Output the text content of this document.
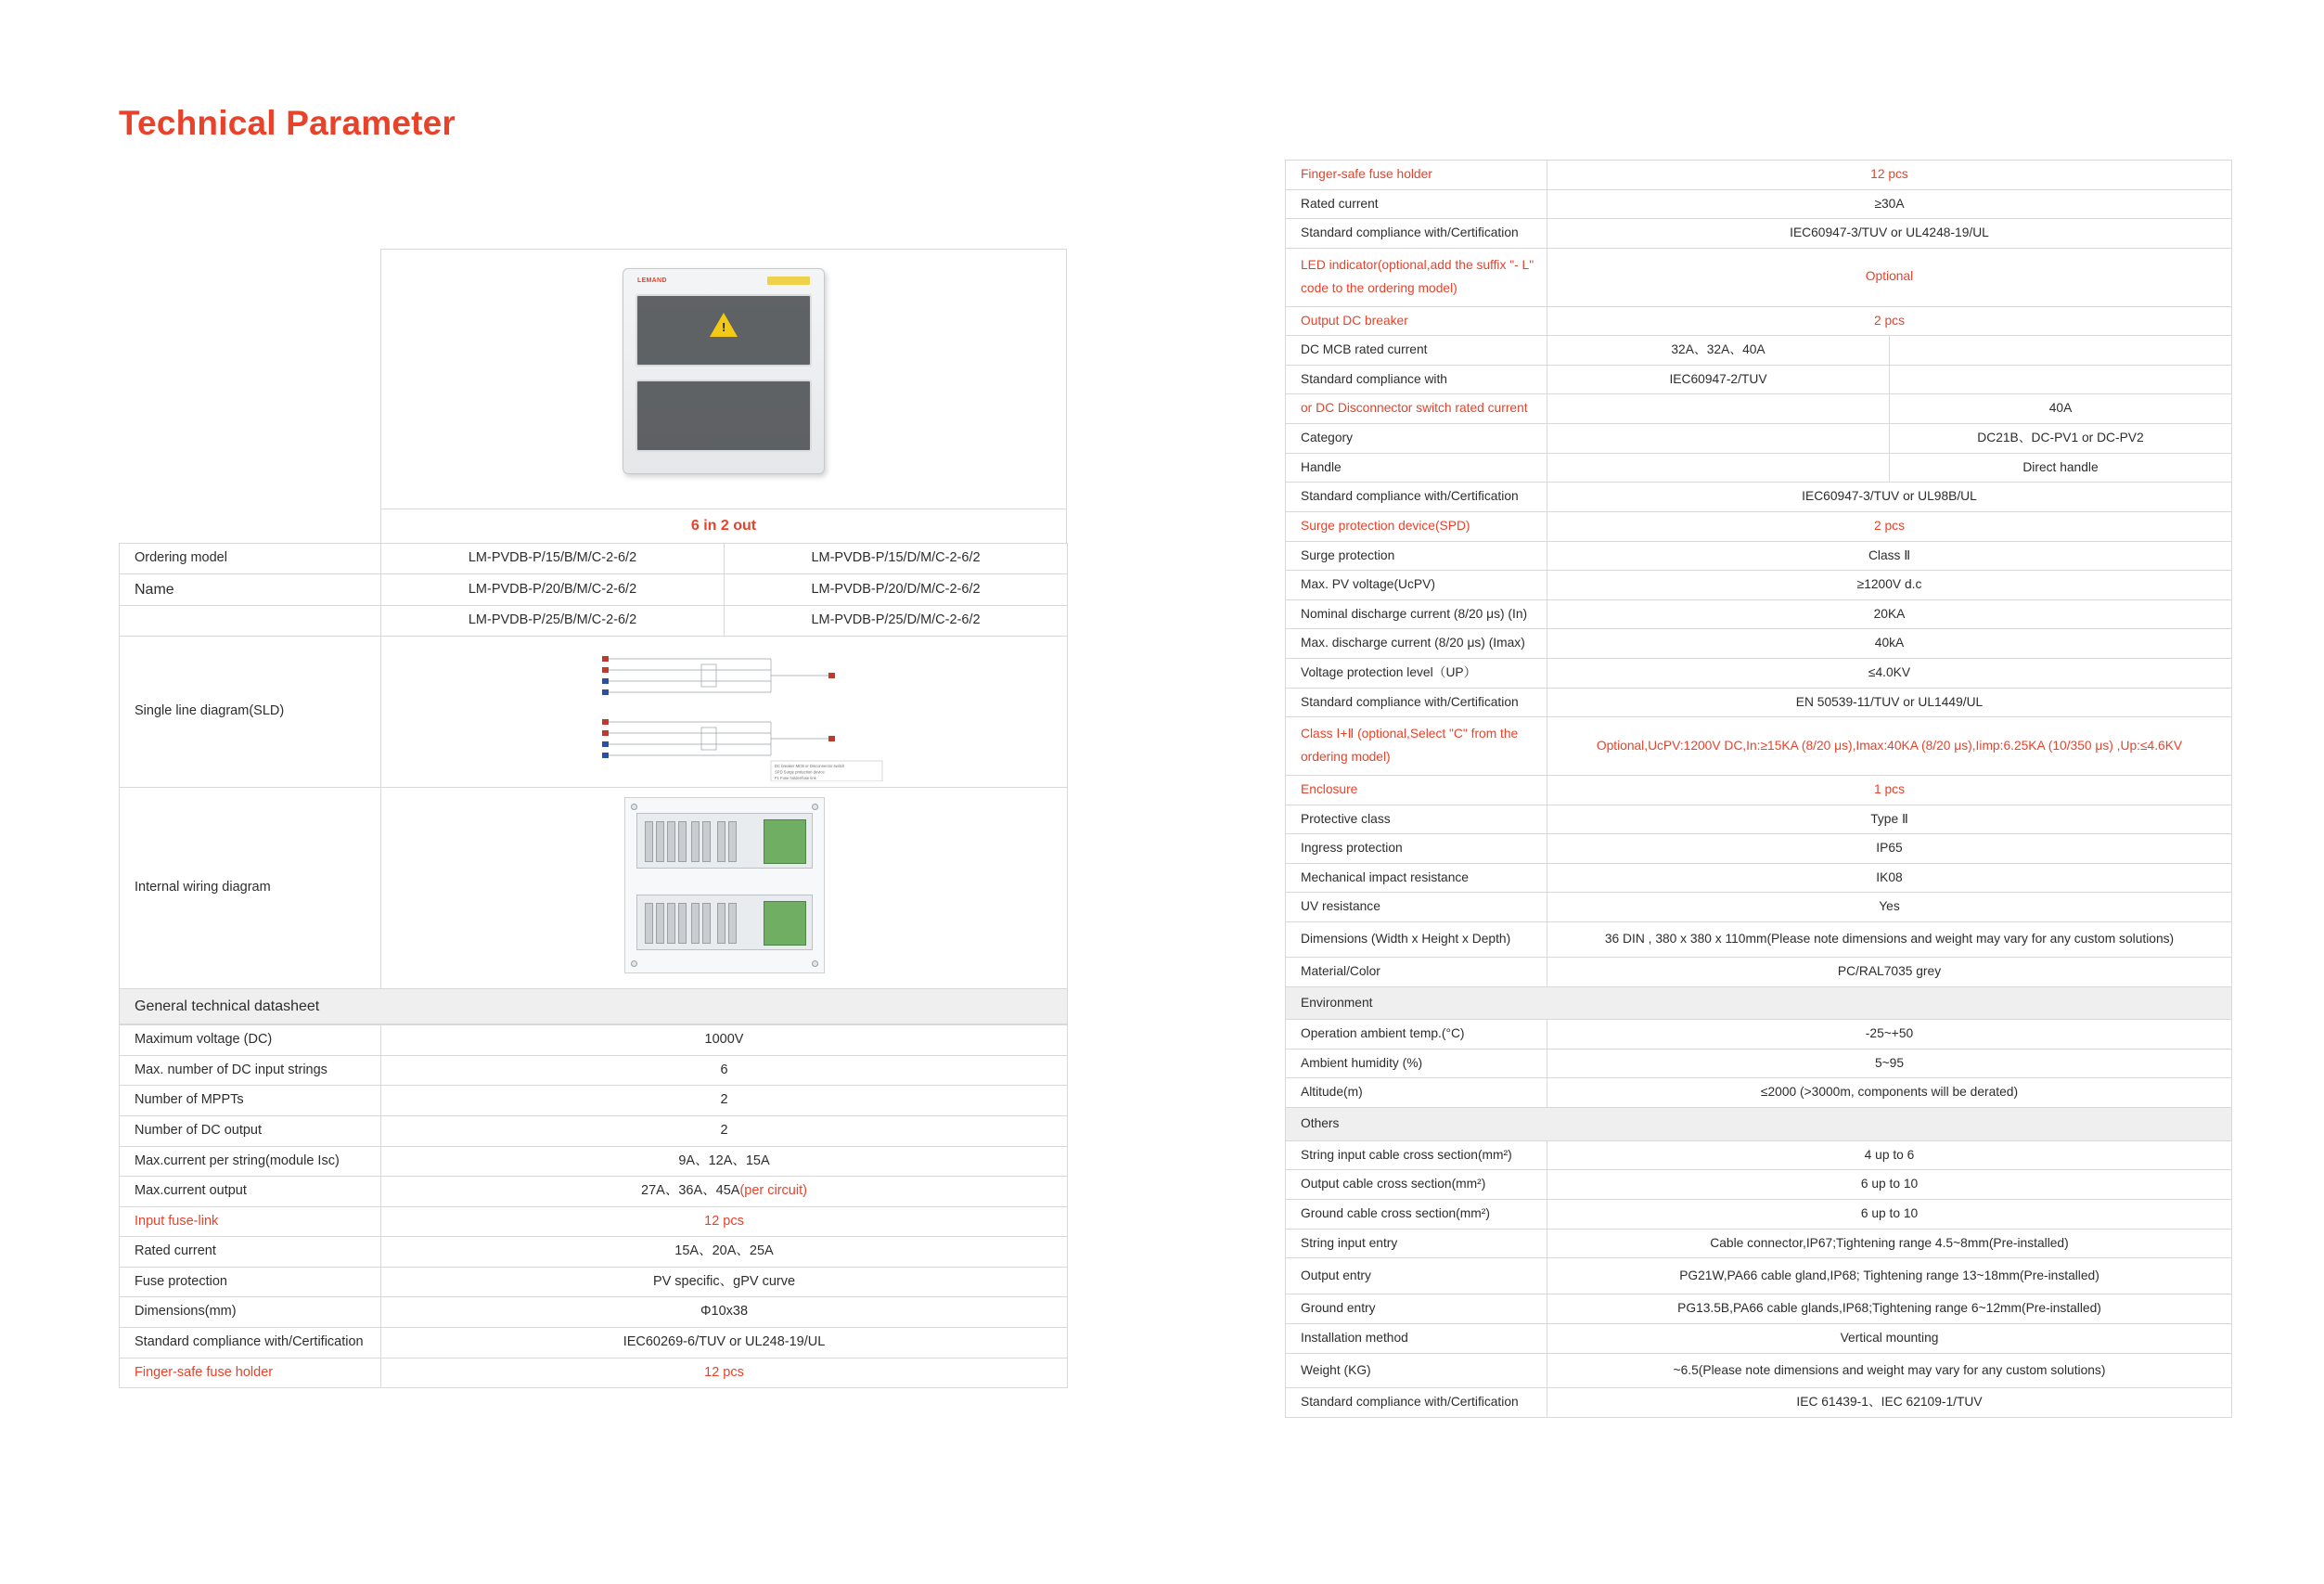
Technical Parameter
LEMAND
!
6 in 2 out
Ordering model	LM-PVDB-P/15/B/M/C-2-6/2	LM-PVDB-P/15/D/M/C-2-6/2
Name	LM-PVDB-P/20/B/M/C-2-6/2	LM-PVDB-P/20/D/M/C-2-6/2
	LM-PVDB-P/25/B/M/C-2-6/2	LM-PVDB-P/25/D/M/C-2-6/2
Single line diagram(SLD)	DC breaker MCB or Disconnector switch
SPD Surge protection device
F1 Fuse holder/fuse link	

Internal wiring diagram		

General technical datasheet		
Maximum voltage (DC)	1000V
Max. number of DC input strings	6
Number of MPPTs	2
Number of DC output	2
Max.current per string(module Isc)	9A、12A、15A
Max.current output	27A、36A、45A(per circuit)
Input fuse-link	12 pcs
Rated current	15A、20A、25A
Fuse protection	PV specific、gPV curve
Dimensions(mm)	Φ10x38
Standard compliance with/Certification	IEC60269-6/TUV or UL248-19/UL
Finger-safe fuse holder	12 pcs
Finger-safe fuse holder	12 pcs	
Rated current	≥30A	
Standard compliance with/Certification	IEC60947-3/TUV or UL4248-19/UL	
LED indicator(optional,add the suffix "- L" code to the ordering model)	Optional	
Output DC breaker	2 pcs	
DC MCB rated current	32A、32A、40A	
Standard compliance with	IEC60947-2/TUV	
or DC Disconnector switch rated current		40A
Category		DC21B、DC-PV1 or DC-PV2
Handle		Direct handle
Standard compliance with/Certification	IEC60947-3/TUV or UL98B/UL	
Surge protection device(SPD)	2 pcs	
Surge protection	Class Ⅱ	
Max. PV voltage(UcPV)	≥1200V d.c	
Nominal discharge current (8/20 μs) (In)	20KA	
Max. discharge current (8/20 μs) (Imax)	40kA	
Voltage protection level（UP）	≤4.0KV	
Standard compliance with/Certification	EN 50539-11/TUV or UL1449/UL	
Class Ⅰ+Ⅱ (optional,Select "C" from the ordering model)	Optional,UcPV:1200V DC,In:≥15KA (8/20 μs),Imax:40KA (8/20 μs),Iimp:6.25KA (10/350 μs) ,Up:≤4.6KV	
Enclosure	1 pcs	
Protective class	Type Ⅱ	
Ingress protection	IP65	
Mechanical impact resistance	IK08	
UV resistance	Yes	
Dimensions (Width x Height x Depth)	36 DIN , 380 x 380 x 110mm(Please note dimensions and weight may vary for any custom solutions)	
Material/Color	PC/RAL7035 grey	
Environment		
Operation ambient temp.(°C)	-25~+50	
Ambient humidity (%)	5~95	
Altitude(m)	≤2000 (>3000m, components will be derated)	
Others		
String input cable cross section(mm²)	4 up to 6	
Output cable cross section(mm²)	6 up to 10	
Ground cable cross section(mm²)	6 up to 10	
String input entry	Cable connector,IP67;Tightening range 4.5~8mm(Pre-installed)	
Output entry	PG21W,PA66 cable gland,IP68; Tightening range 13~18mm(Pre-installed)	
Ground entry	PG13.5B,PA66 cable glands,IP68;Tightening range 6~12mm(Pre-installed)	
Installation method	Vertical mounting	
Weight (KG)	~6.5(Please note dimensions and weight may vary for any custom solutions)	
Standard compliance with/Certification	IEC 61439-1、IEC 62109-1/TUV	
